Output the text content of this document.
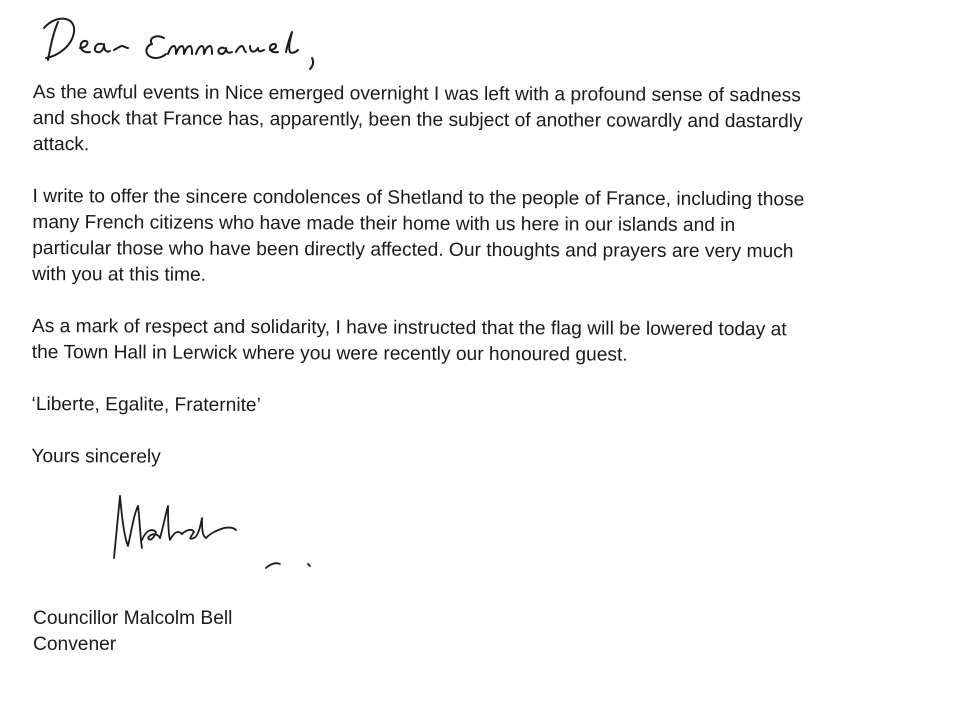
As the awful events in Nice emerged overnight I was left with a profound sense of sadness

and shock that France has, apparently, been the subject of another cowardly and dastardly

attack.

I write to offer the sincere condolences of Shetland to the people of France, including those

many French citizens who have made their home with us here in our islands and in

particular those who have been directly affected. Our thoughts and prayers are very much

with you at this time.

As a mark of respect and solidarity, I have instructed that the flag will be lowered today at

the Town Hall in Lerwick where you were recently our honoured guest.

‘Liberte, Egalite, Fraternite’

Yours sincerely

Councillor Malcolm Bell

Convener
